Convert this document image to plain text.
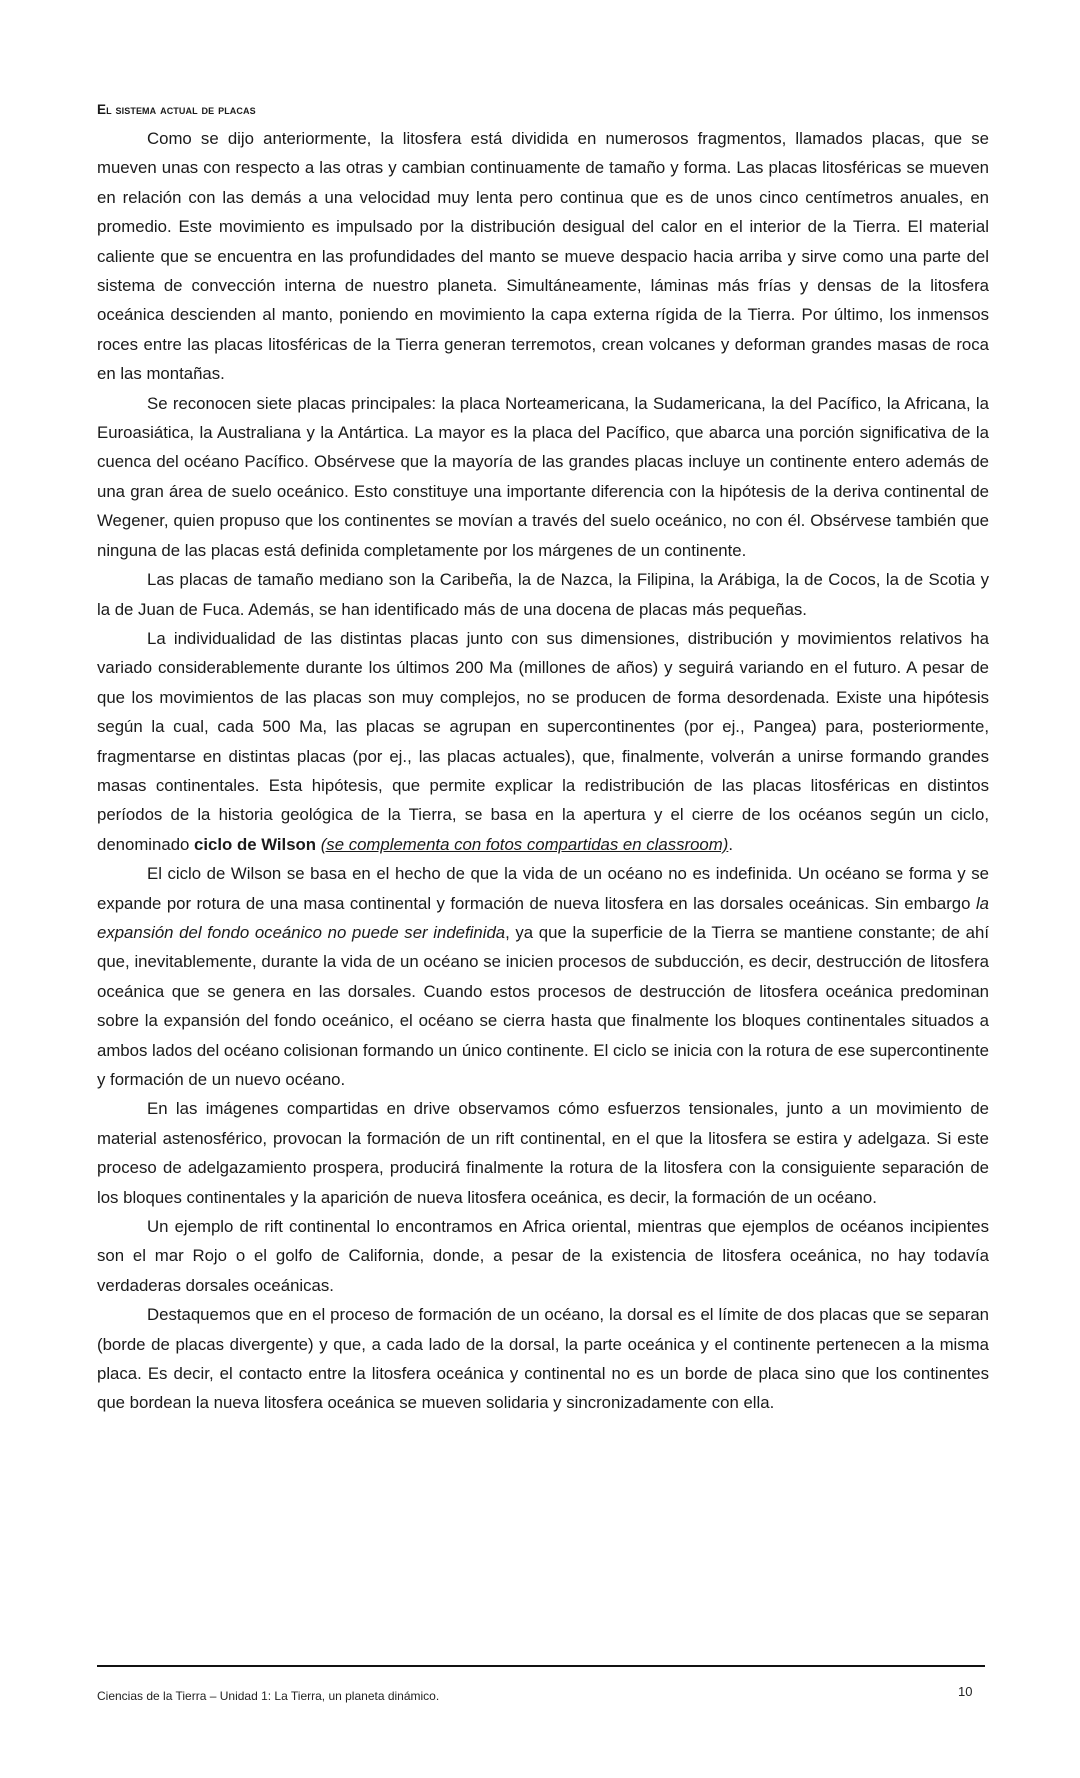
El sistema actual de placas

Como se dijo anteriormente, la litosfera está dividida en numerosos fragmentos, llamados placas, que se mueven unas con respecto a las otras y cambian continuamente de tamaño y forma. Las placas litosféricas se mueven en relación con las demás a una velocidad muy lenta pero continua que es de unos cinco centímetros anuales, en promedio. Este movimiento es impulsado por la distribución desigual del calor en el interior de la Tierra. El material caliente que se encuentra en las profundidades del manto se mueve despacio hacia arriba y sirve como una parte del sistema de convección interna de nuestro planeta. Simultáneamente, láminas más frías y densas de la litosfera oceánica descienden al manto, poniendo en movimiento la capa externa rígida de la Tierra. Por último, los inmensos roces entre las placas litosféricas de la Tierra generan terremotos, crean volcanes y deforman grandes masas de roca en las montañas.

Se reconocen siete placas principales: la placa Norteamericana, la Sudamericana, la del Pacífico, la Africana, la Euroasiática, la Australiana y la Antártica. La mayor es la placa del Pacífico, que abarca una porción significativa de la cuenca del océano Pacífico. Obsérvese que la mayoría de las grandes placas incluye un continente entero además de una gran área de suelo oceánico. Esto constituye una importante diferencia con la hipótesis de la deriva continental de Wegener, quien propuso que los continentes se movían a través del suelo oceánico, no con él. Obsérvese también que ninguna de las placas está definida completamente por los márgenes de un continente.

Las placas de tamaño mediano son la Caribeña, la de Nazca, la Filipina, la Arábiga, la de Cocos, la de Scotia y la de Juan de Fuca. Además, se han identificado más de una docena de placas más pequeñas.

La individualidad de las distintas placas junto con sus dimensiones, distribución y movimientos relativos ha variado considerablemente durante los últimos 200 Ma (millones de años) y seguirá variando en el futuro. A pesar de que los movimientos de las placas son muy complejos, no se producen de forma desordenada. Existe una hipótesis según la cual, cada 500 Ma, las placas se agrupan en supercontinentes (por ej., Pangea) para, posteriormente, fragmentarse en distintas placas (por ej., las placas actuales), que, finalmente, volverán a unirse formando grandes masas continentales. Esta hipótesis, que permite explicar la redistribución de las placas litosféricas en distintos períodos de la historia geológica de la Tierra, se basa en la apertura y el cierre de los océanos según un ciclo, denominado ciclo de Wilson (se complementa con fotos compartidas en classroom).

El ciclo de Wilson se basa en el hecho de que la vida de un océano no es indefinida. Un océano se forma y se expande por rotura de una masa continental y formación de nueva litosfera en las dorsales oceánicas. Sin embargo la expansión del fondo oceánico no puede ser indefinida, ya que la superficie de la Tierra se mantiene constante; de ahí que, inevitablemente, durante la vida de un océano se inicien procesos de subducción, es decir, destrucción de litosfera oceánica que se genera en las dorsales. Cuando estos procesos de destrucción de litosfera oceánica predominan sobre la expansión del fondo oceánico, el océano se cierra hasta que finalmente los bloques continentales situados a ambos lados del océano colisionan formando un único continente. El ciclo se inicia con la rotura de ese supercontinente y formación de un nuevo océano.

En las imágenes compartidas en drive observamos cómo esfuerzos tensionales, junto a un movimiento de material astenosférico, provocan la formación de un rift continental, en el que la litosfera se estira y adelgaza. Si este proceso de adelgazamiento prospera, producirá finalmente la rotura de la litosfera con la consiguiente separación de los bloques continentales y la aparición de nueva litosfera oceánica, es decir, la formación de un océano.

Un ejemplo de rift continental lo encontramos en Africa oriental, mientras que ejemplos de océanos incipientes son el mar Rojo o el golfo de California, donde, a pesar de la existencia de litosfera oceánica, no hay todavía verdaderas dorsales oceánicas.

Destaquemos que en el proceso de formación de un océano, la dorsal es el límite de dos placas que se separan (borde de placas divergente) y que, a cada lado de la dorsal, la parte oceánica y el continente pertenecen a la misma placa. Es decir, el contacto entre la litosfera oceánica y continental no es un borde de placa sino que los continentes que bordean la nueva litosfera oceánica se mueven solidaria y sincronizadamente con ella.

Ciencias de la Tierra – Unidad 1: La Tierra, un planeta dinámico.	10
